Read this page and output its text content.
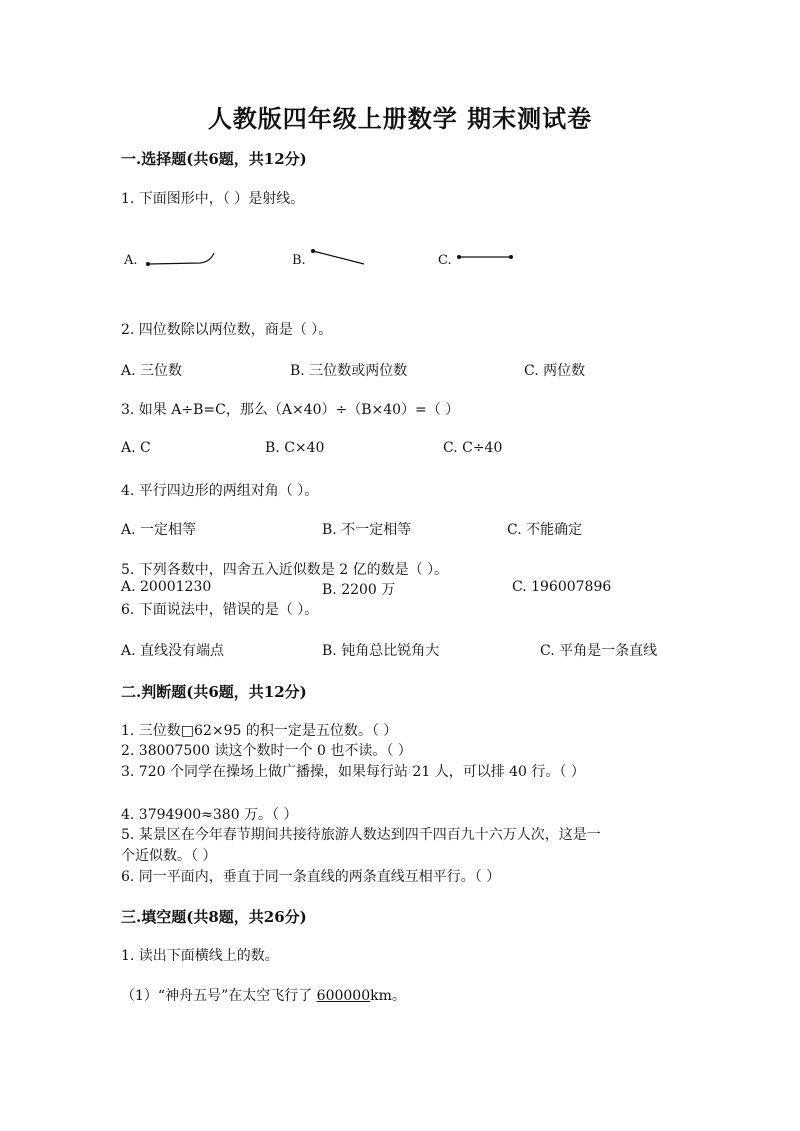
人教版四年级上册数学 期末测试卷
一.选择题(共6题，共12分)
1. 下面图形中，（ ）是射线。
A.	B.	C.
2. 四位数除以两位数，商是（ ）。
A. 三位数	B. 三位数或两位数	C. 两位数
3. 如果 A÷B=C，那么（A×40）÷（B×40）=（ ）
A. C	B. C×40	C. C÷40
4. 平行四边形的两组对角（ ）。
A. 一定相等	B. 不一定相等	C. 不能确定
5. 下列各数中，四舍五入近似数是 2 亿的数是（ ）。
A. 20001230	B. 2200 万	C. 196007896
6. 下面说法中，错误的是（ ）。
A. 直线没有端点	B. 钝角总比锐角大	C. 平角是一条直线
二.判断题(共6题，共12分)
1. 三位数□62×95 的积一定是五位数。（ ）
2. 38007500 读这个数时一个 0 也不读。（ ）
3. 720 个同学在操场上做广播操，如果每行站 21 人，可以排 40 行。（ ）
4. 3794900≈380 万。（ ）
5. 某景区在今年春节期间共接待旅游人数达到四千四百九十六万人次，这是一
个近似数。（ ）
6. 同一平面内，垂直于同一条直线的两条直线互相平行。（ ）
三.填空题(共8题，共26分)
1. 读出下面横线上的数。
（1）“神舟五号”在太空飞行了 600000km。
